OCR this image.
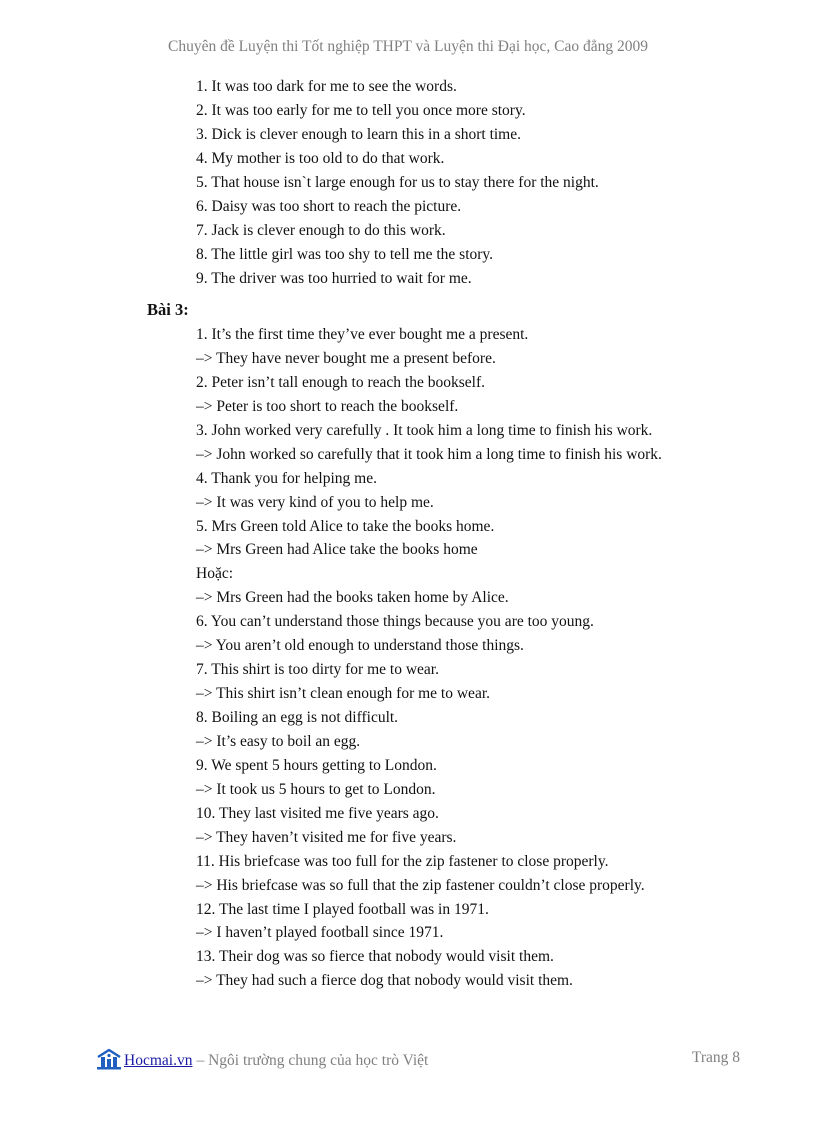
Chuyên đề Luyện thi Tốt nghiệp THPT và Luyện thi Đại học, Cao đẳng 2009
1. It was too dark for me to see the words.
2. It was too early for me to tell you once more story.
3. Dick is clever enough to learn this in a short time.
4. My mother is too old to do that work.
5. That house isn`t large enough for us to stay there for the night.
6. Daisy was too short to reach the picture.
7. Jack is clever enough to do this work.
8. The little girl was too shy to tell me the story.
9. The driver was too hurried to wait for me.
Bài 3:
1. It’s the first time they’ve ever bought me a present.
–> They have never bought me a present before.
2. Peter isn’t tall enough to reach the bookself.
–> Peter is too short to reach the bookself.
3. John worked very carefully . It took him a long time to finish his work.
–> John worked so carefully that it took him a long time to finish his work.
4. Thank you for helping me.
–> It was very kind of you to help me.
5. Mrs Green told Alice to take the books home.
–> Mrs Green had Alice take the books home
Hoặc:
–> Mrs Green had the books taken home by Alice.
6. You can’t understand those things because you are too young.
–> You aren’t old enough to understand those things.
7. This shirt is too dirty for me to wear.
–> This shirt isn’t clean enough for me to wear.
8. Boiling an egg is not difficult.
–> It’s easy to boil an egg.
9. We spent 5 hours getting to London.
–> It took us 5 hours to get to London.
10. They last visited me five years ago.
–> They haven’t visited me for five years.
11. His briefcase was too full for the zip fastener to close properly.
–> His briefcase was so full that the zip fastener couldn’t close properly.
12. The last time I played football was in 1971.
–> I haven’t played football since 1971.
13. Their dog was so fierce that nobody would visit them.
–> They had such a fierce dog that nobody would visit them.
Hocmai.vn – Ngôi trường chung của học trò Việt	Trang 8
